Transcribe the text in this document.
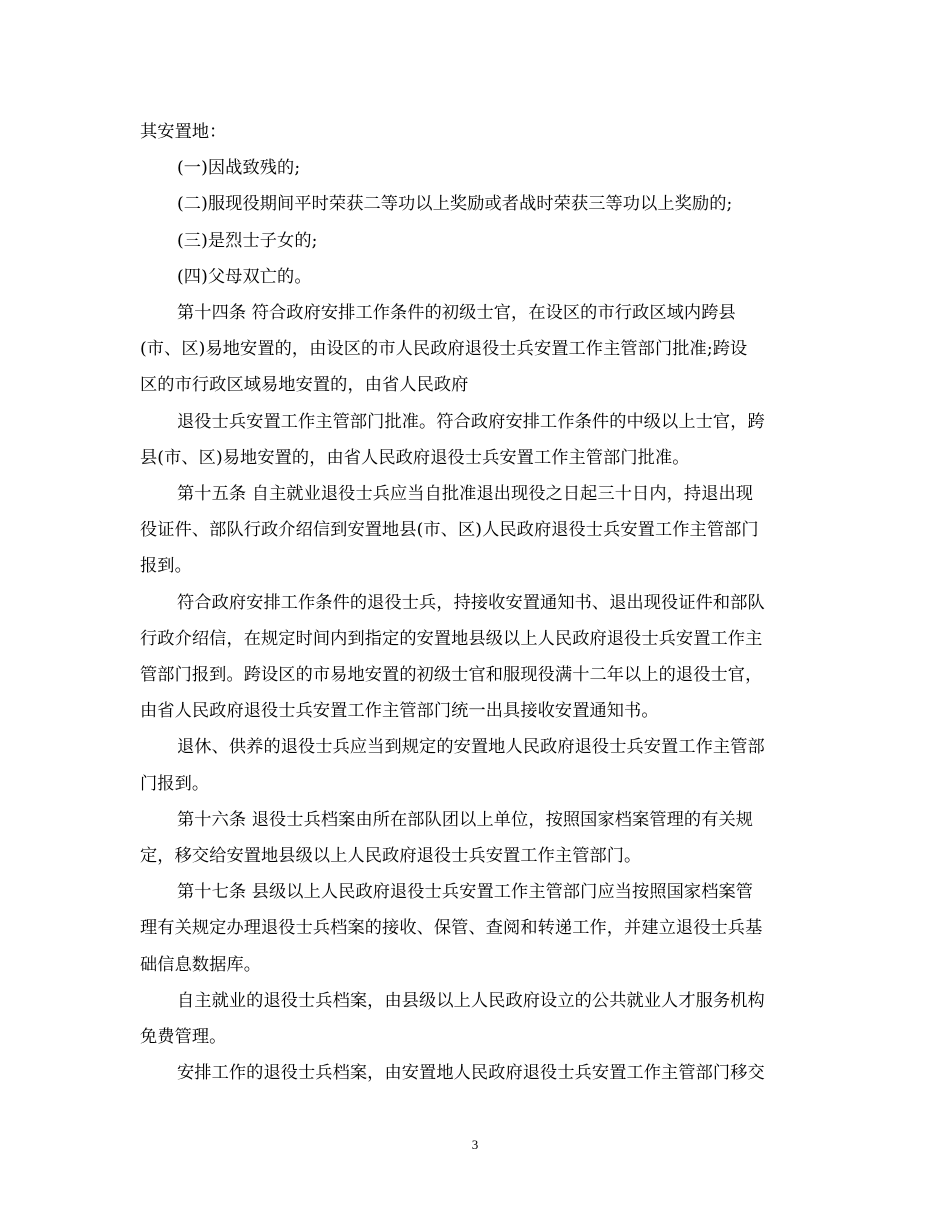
其安置地：

(一)因战致残的;

(二)服现役期间平时荣获二等功以上奖励或者战时荣获三等功以上奖励的;

(三)是烈士子女的;

(四)父母双亡的。

第十四条 符合政府安排工作条件的初级士官，在设区的市行政区域内跨县

(市、区)易地安置的，由设区的市人民政府退役士兵安置工作主管部门批准;跨设

区的市行政区域易地安置的，由省人民政府

退役士兵安置工作主管部门批准。符合政府安排工作条件的中级以上士官，跨

县(市、区)易地安置的，由省人民政府退役士兵安置工作主管部门批准。

第十五条 自主就业退役士兵应当自批准退出现役之日起三十日内，持退出现

役证件、部队行政介绍信到安置地县(市、区)人民政府退役士兵安置工作主管部门

报到。

符合政府安排工作条件的退役士兵，持接收安置通知书、退出现役证件和部队

行政介绍信，在规定时间内到指定的安置地县级以上人民政府退役士兵安置工作主

管部门报到。跨设区的市易地安置的初级士官和服现役满十二年以上的退役士官，

由省人民政府退役士兵安置工作主管部门统一出具接收安置通知书。

退休、供养的退役士兵应当到规定的安置地人民政府退役士兵安置工作主管部

门报到。

第十六条 退役士兵档案由所在部队团以上单位，按照国家档案管理的有关规

定，移交给安置地县级以上人民政府退役士兵安置工作主管部门。

第十七条 县级以上人民政府退役士兵安置工作主管部门应当按照国家档案管

理有关规定办理退役士兵档案的接收、保管、查阅和转递工作，并建立退役士兵基

础信息数据库。

自主就业的退役士兵档案，由县级以上人民政府设立的公共就业人才服务机构

免费管理。

安排工作的退役士兵档案，由安置地人民政府退役士兵安置工作主管部门移交

3
